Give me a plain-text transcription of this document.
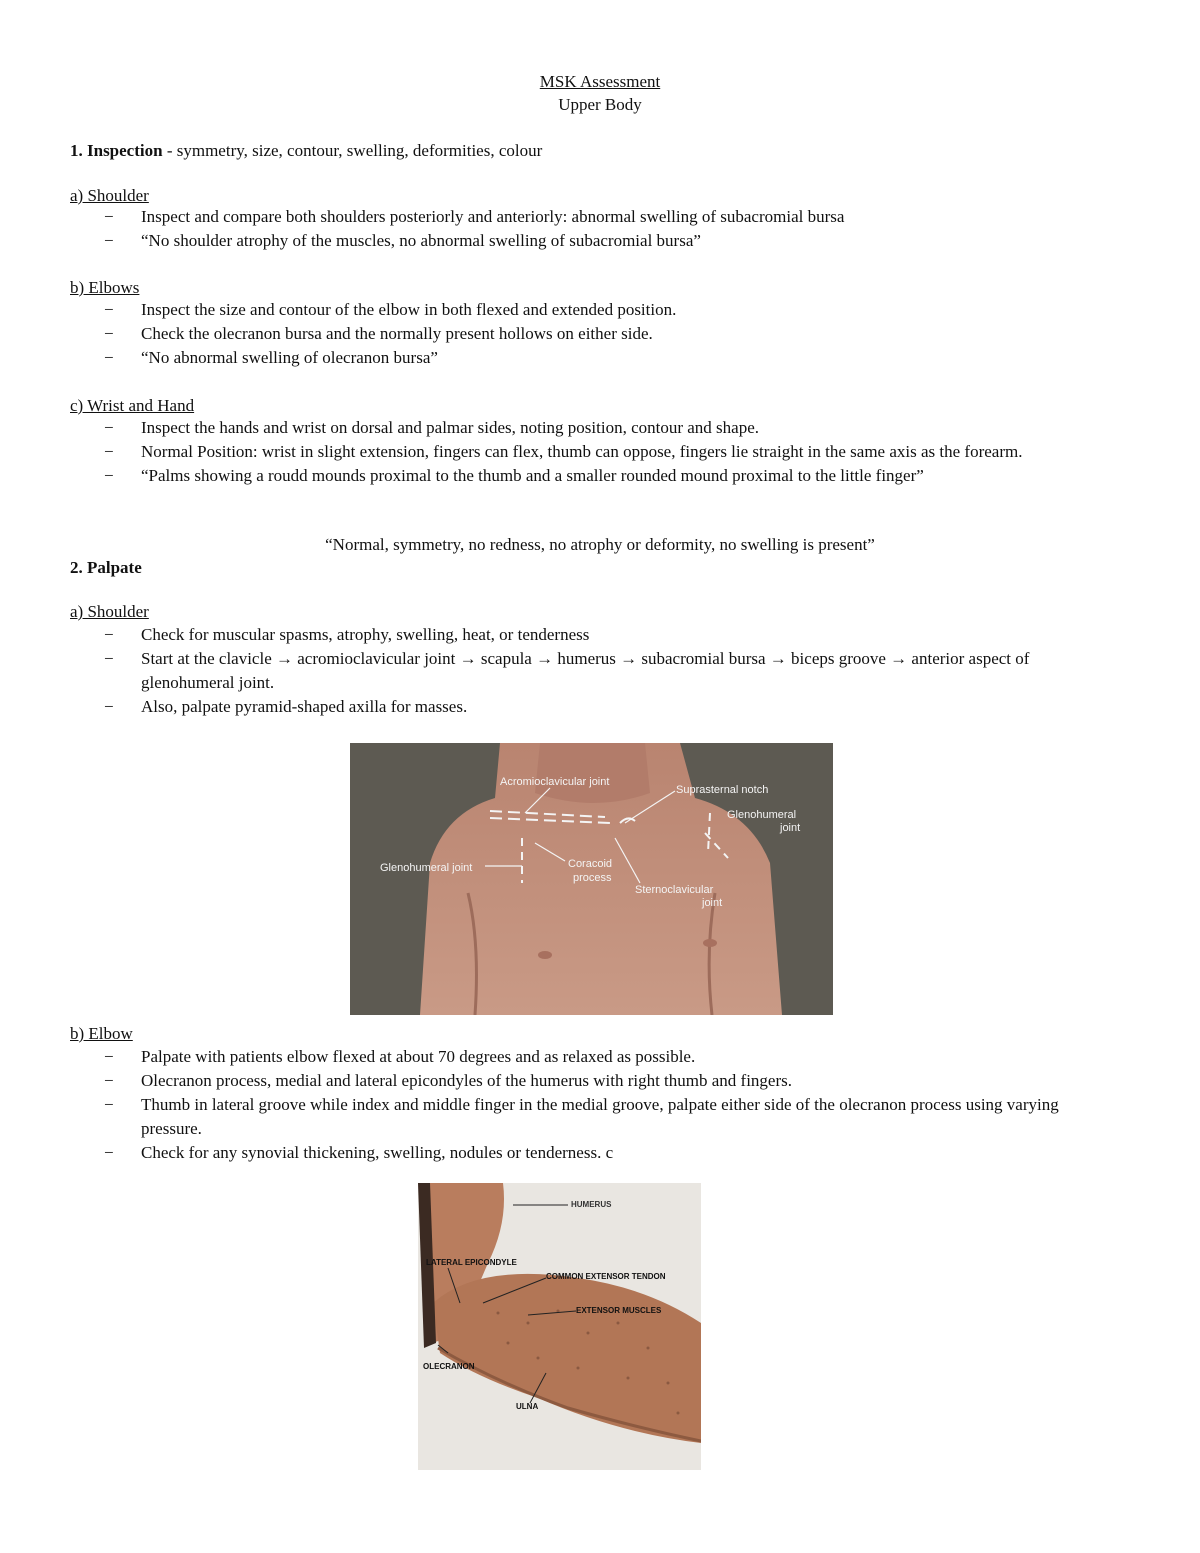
MSK Assessment
Upper Body
1. Inspection - symmetry, size, contour, swelling, deformities, colour
a) Shoulder
− Inspect and compare both shoulders posteriorly and anteriorly: abnormal swelling of subacromial bursa
− “No shoulder atrophy of the muscles, no abnormal swelling of subacromial bursa”
b) Elbows
− Inspect the size and contour of the elbow in both flexed and extended position.
− Check the olecranon bursa and the normally present hollows on either side.
− “No abnormal swelling of olecranon bursa”
c) Wrist and Hand
− Inspect the hands and wrist on dorsal and palmar sides, noting position, contour and shape.
− Normal Position: wrist in slight extension, fingers can flex, thumb can oppose, fingers lie straight in the same axis as the forearm.
− “Palms showing a roudd mounds proximal to the thumb and a smaller rounded mound proximal to the little finger”
“Normal, symmetry, no redness, no atrophy or deformity, no swelling is present”
2. Palpate
a) Shoulder
− Check for muscular spasms, atrophy, swelling, heat, or tenderness
− Start at the clavicle → acromioclavicular joint → scapula → humerus → subacromial bursa → biceps groove → anterior aspect of glenohumeral joint.
− Also, palpate pyramid-shaped axilla for masses.
Acromioclavicular joint
Suprasternal notch
Glenohumeral
joint
Glenohumeral joint	Coracoid
process
Sternoclavicular
joint
b) Elbow
− Palpate with patients elbow flexed at about 70 degrees and as relaxed as possible.
− Olecranon process, medial and lateral epicondyles of the humerus with right thumb and fingers.
− Thumb in lateral groove while index and middle finger in the medial groove, palpate either side of the olecranon process using varying pressure.
− Check for any synovial thickening, swelling, nodules or tenderness. c
HUMERUS
LATERAL EPICONDYLE
COMMON EXTENSOR TENDON
EXTENSOR MUSCLES
OLECRANON
ULNA
